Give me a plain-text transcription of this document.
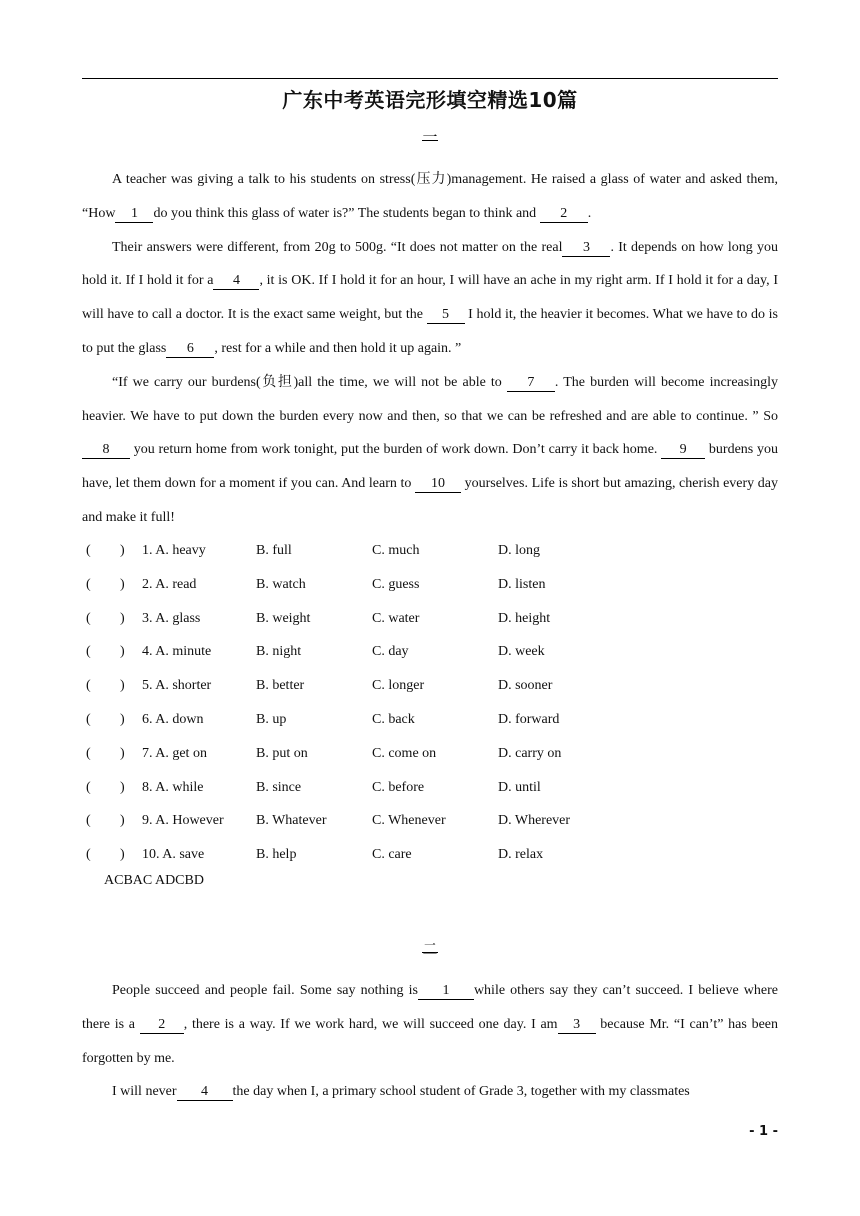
广东中考英语完形填空精选10篇
一

A teacher was giving a talk to his students on stress(压力)management. He raised a glass of water and asked them, “How 1 do you think this glass of water is?” The students began to think and 2 .

Their answers were different, from 20g to 500g. “It does not matter on the real 3 . It depends on how long you hold it. If I hold it for a 4 , it is OK. If I hold it for an hour, I will have an ache in my right arm. If I hold it for a day, I will have to call a doctor. It is the exact same weight, but the 5 I hold it, the heavier it becomes. What we have to do is to put the glass 6 , rest for a while and then hold it up again. ”

“If we carry our burdens(负担)all the time, we will not be able to 7 . The burden will become increasingly heavier. We have to put down the burden every now and then, so that we can be refreshed and are able to continue. ” So8 you return home from work tonight, put the burden of work down. Don’t carry it back home. 9 burdens you have, let them down for a moment if you can. And learn to 10 yourselves. Life is short but amazing, cherish every day and make it full!

( ) 1. A. heavy	B. full	C. much	D. long
( ) 2. A. read	B. watch	C. guess	D. listen
( ) 3. A. glass	B. weight	C. water	D. height
( ) 4. A. minute	B. night	C. day	D. week
( ) 5. A. shorter	B. better	C. longer	D. sooner
( ) 6. A. down	B. up	C. back	D. forward
( ) 7. A. get on	B. put on	C. come on	D. carry on
( ) 8. A. while	B. since	C. before	D. until
( ) 9. A. However B. Whatever	C. Whenever	D. Wherever
( ) 10. A. save	B. help	C. care	D. relax
ACBAC ADCBD
二

People succeed and people fail. Some say nothing is 1 while others say they can’t succeed. I believe where there is a 2 , there is a way. If we work hard, we will succeed one day. I am 3 because Mr. “I can’t” has been forgotten by me.

I will never 4 the day when I, a primary school student of Grade 3, together with my classmates

- 1 -
